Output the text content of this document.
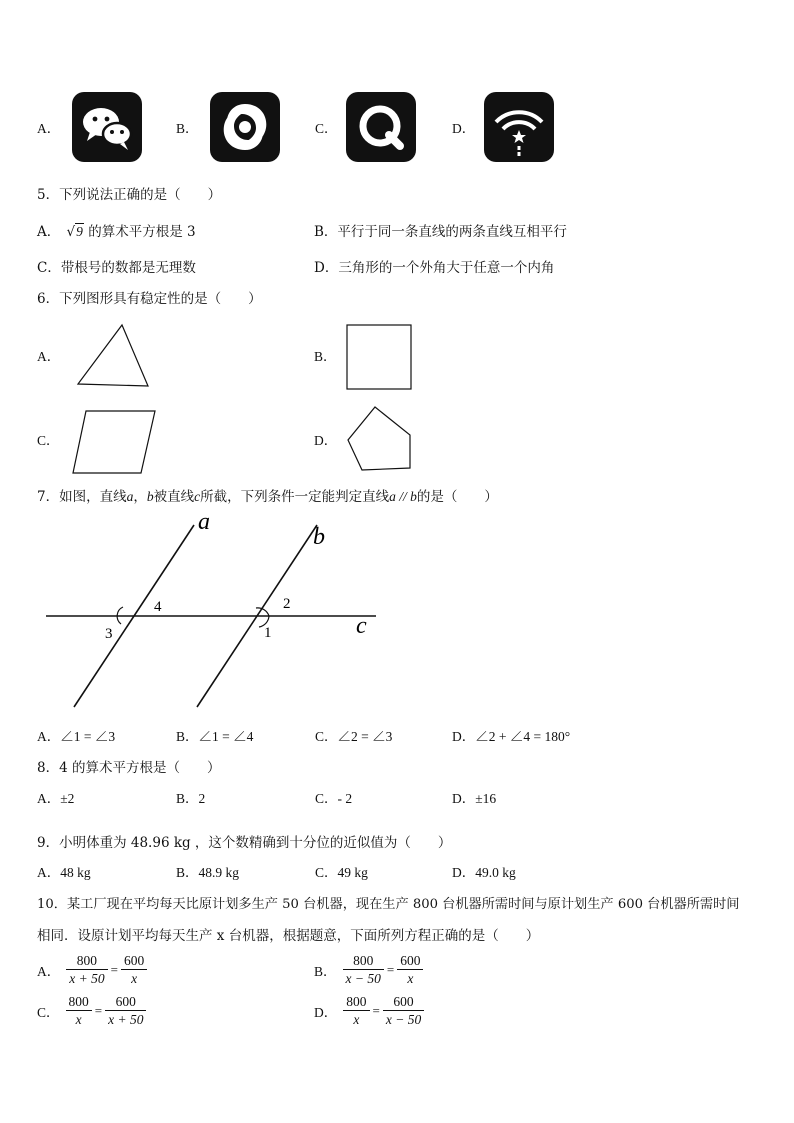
A．	B．	C．	D．
5．下列说法正确的是（　　）
A． √9 的算术平方根是 3	B．平行于同一条直线的两条直线互相平行
C．带根号的数都是无理数	D．三角形的一个外角大于任意一个内角
6．下列图形具有稳定性的是（　　）
A．	B．
C．	D．
7．如图，直线a，b被直线c所截，下列条件一定能判定直线a // b的是（　　）
a
b
c
4
3
2
1
A．∠1 = ∠3	B．∠1 = ∠4	C．∠2 = ∠3	D．∠2 + ∠4 = 180°
8．4 的算术平方根是（　　）
A．±2	B．2	C．- 2	D．±16
9．小明体重为 48.96 kg ，这个数精确到十分位的近似值为（　　）
A．48 kg	B．48.9 kg	C．49 kg	D．49.0 kg
10．某工厂现在平均每天比原计划多生产 50 台机器，现在生产 800 台机器所需时间与原计划生产 600 台机器所需时间
相同．设原计划平均每天生产 x 台机器，根据题意，下面所列方程正确的是（　　）
A． $\frac{800}{x + 50} = \frac{600}{x}$	B． $\frac{800}{x - 50} = \frac{600}{x}$
C． $\frac{800}{x} = \frac{600}{x + 50}$	D． $\frac{800}{x} = \frac{600}{x - 50}$
